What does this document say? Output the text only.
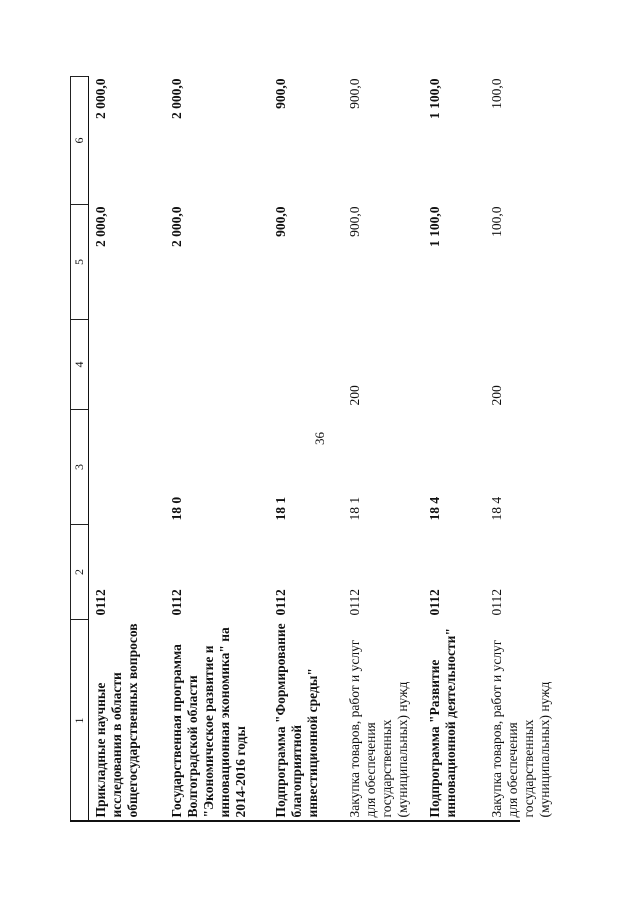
36
1	2	3	4	5	6
Прикладные научные исследования в области общегосударственных вопросов	0112			2 000,0	2 000,0
Государственная программа Волгоградской области "Экономическое развитие и инновационная экономика" на 2014-2016 годы	0112	18 0		2 000,0	2 000,0
Подпрограмма "Формирование благоприятной инвестиционной среды"	0112	18 1		900,0	900,0
Закупка товаров, работ и услуг для обеспечения государственных (муниципальных) нужд	0112	18 1	200	900,0	900,0
Подпрограмма "Развитие инновационной деятельности"	0112	18 4		1 100,0	1 100,0
Закупка товаров, работ и услуг для обеспечения государственных (муниципальных) нужд	0112	18 4	200	100,0	100,0
